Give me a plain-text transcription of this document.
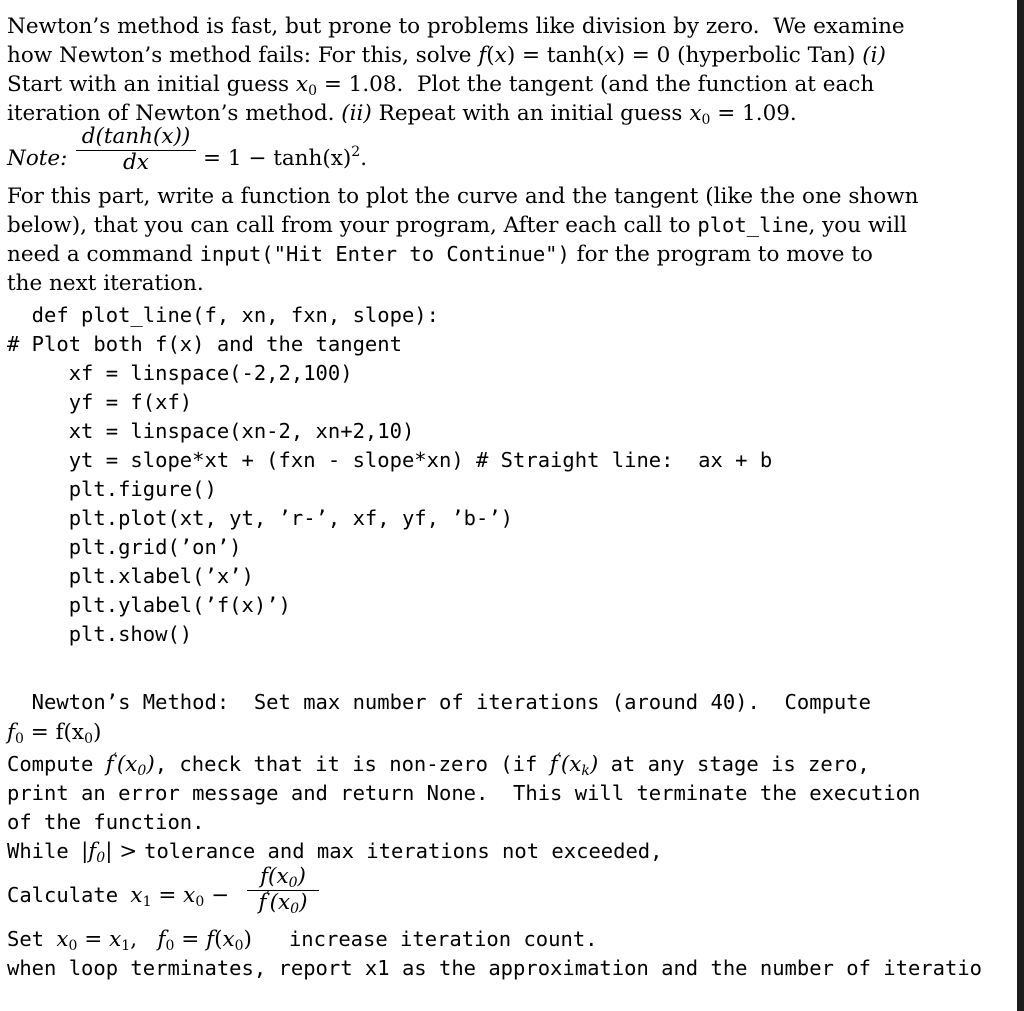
Newton’s method is fast, but prone to problems like division by zero.  We examine
how Newton’s method fails: For this, solve f(x) = tanh(x) = 0 (hyperbolic Tan) (i)
Start with an initial guess $x_0 = 1.08$.  Plot the tangent (and the function at each
iteration of Newton’s method. (ii) Repeat with an initial guess $x_0 = 1.09$.
Note:
d(tanh(x))
dx	= $1 - \tanh(x)^2$.
For this part, write a function to plot the curve and the tangent (like the one shown
below), that you can call from your program, After each call to plot_line, you will
need a command input("Hit Enter to Continue") for the program to move to
the next iteration.
def plot_line(f, xn, fxn, slope):
# Plot both f(x) and the tangent
xf = linspace(-2,2,100)
yf = f(xf)
xt = linspace(xn-2, xn+2,10)
yt = slope*xt + (fxn - slope*xn) # Straight line:  ax + b
plt.figure()
plt.plot(xt, yt, ’r-’, xf, yf, ’b-’)
plt.grid(’on’)
plt.xlabel(’x’)
plt.ylabel(’f(x)’)
plt.show()
Newton’s Method:  Set max number of iterations (around 40).  Compute
$f_0 = f(x_0)$
Compute $f'(x_0)$, check that it is non-zero (if $f'(x_k)$ at any stage is zero,
print an error message and return None.  This will terminate the execution
of the function.
While $|f_0|$ > tolerance and max iterations not exceeded,
Calculate $x_1 = x_0$ −
$f(x_0)$
$f'(x_0)$
Set $x_0 = x_1$,   $f_0 = f(x_0)$ increase iteration count.
when loop terminates, report x1 as the approximation and the number of iteratio
